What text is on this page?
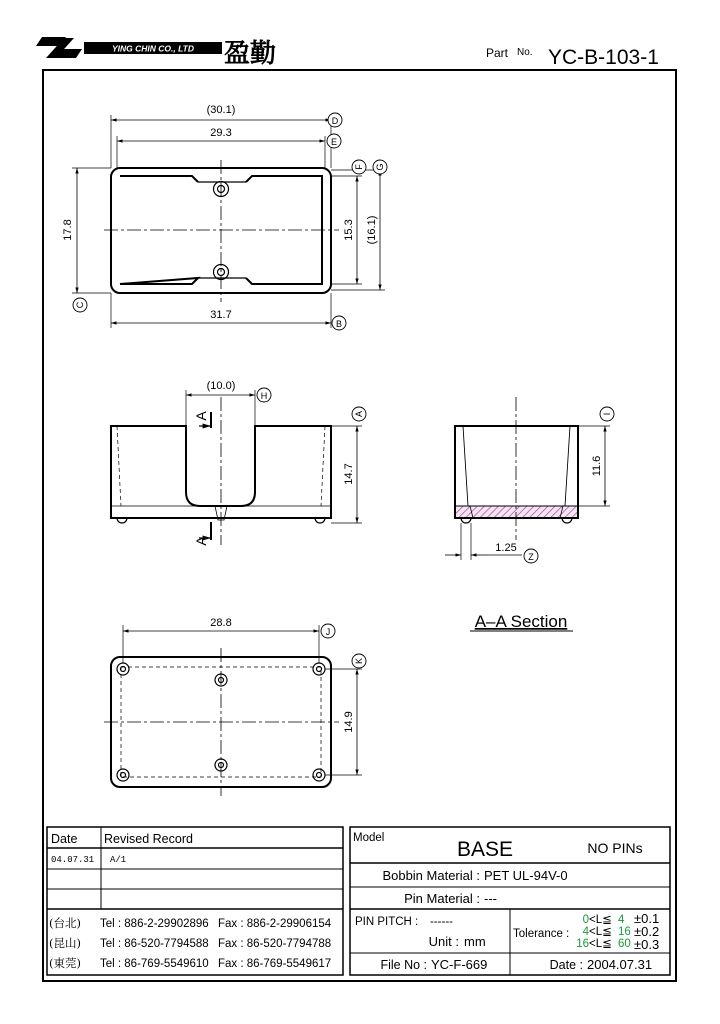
YING CHIN CO., LTD 盈勤	Part No. YC-B-103-1
(30.1)
29.3
17.8	15.3 (16.1)
31.7
(10.0)
14.7
A
A
11.6
1.25
A–A Section
28.8
14.9
D
E
F G
C
B
H
A	I
Z
J
K
Date Revised Record
04.07.31 A/1
(台北) Tel : 886-2-29902896 Fax : 886-2-29906154
(昆山) Tel : 86-520-7794588 Fax : 86-520-7794788
(東莞) Tel : 86-769-5549610 Fax : 86-769-5549617
Model	BASE	NO PINs
Bobbin Material : PET UL-94V-0
Pin Material : ---
PIN PITCH : ------
Unit : mm
File No : YC-F-669	Date : 2004.07.31
Tolerance :
0 <L≦ 4 ±0.1
4 <L≦ 16 ±0.2
16 <L≦ 60 ±0.3
